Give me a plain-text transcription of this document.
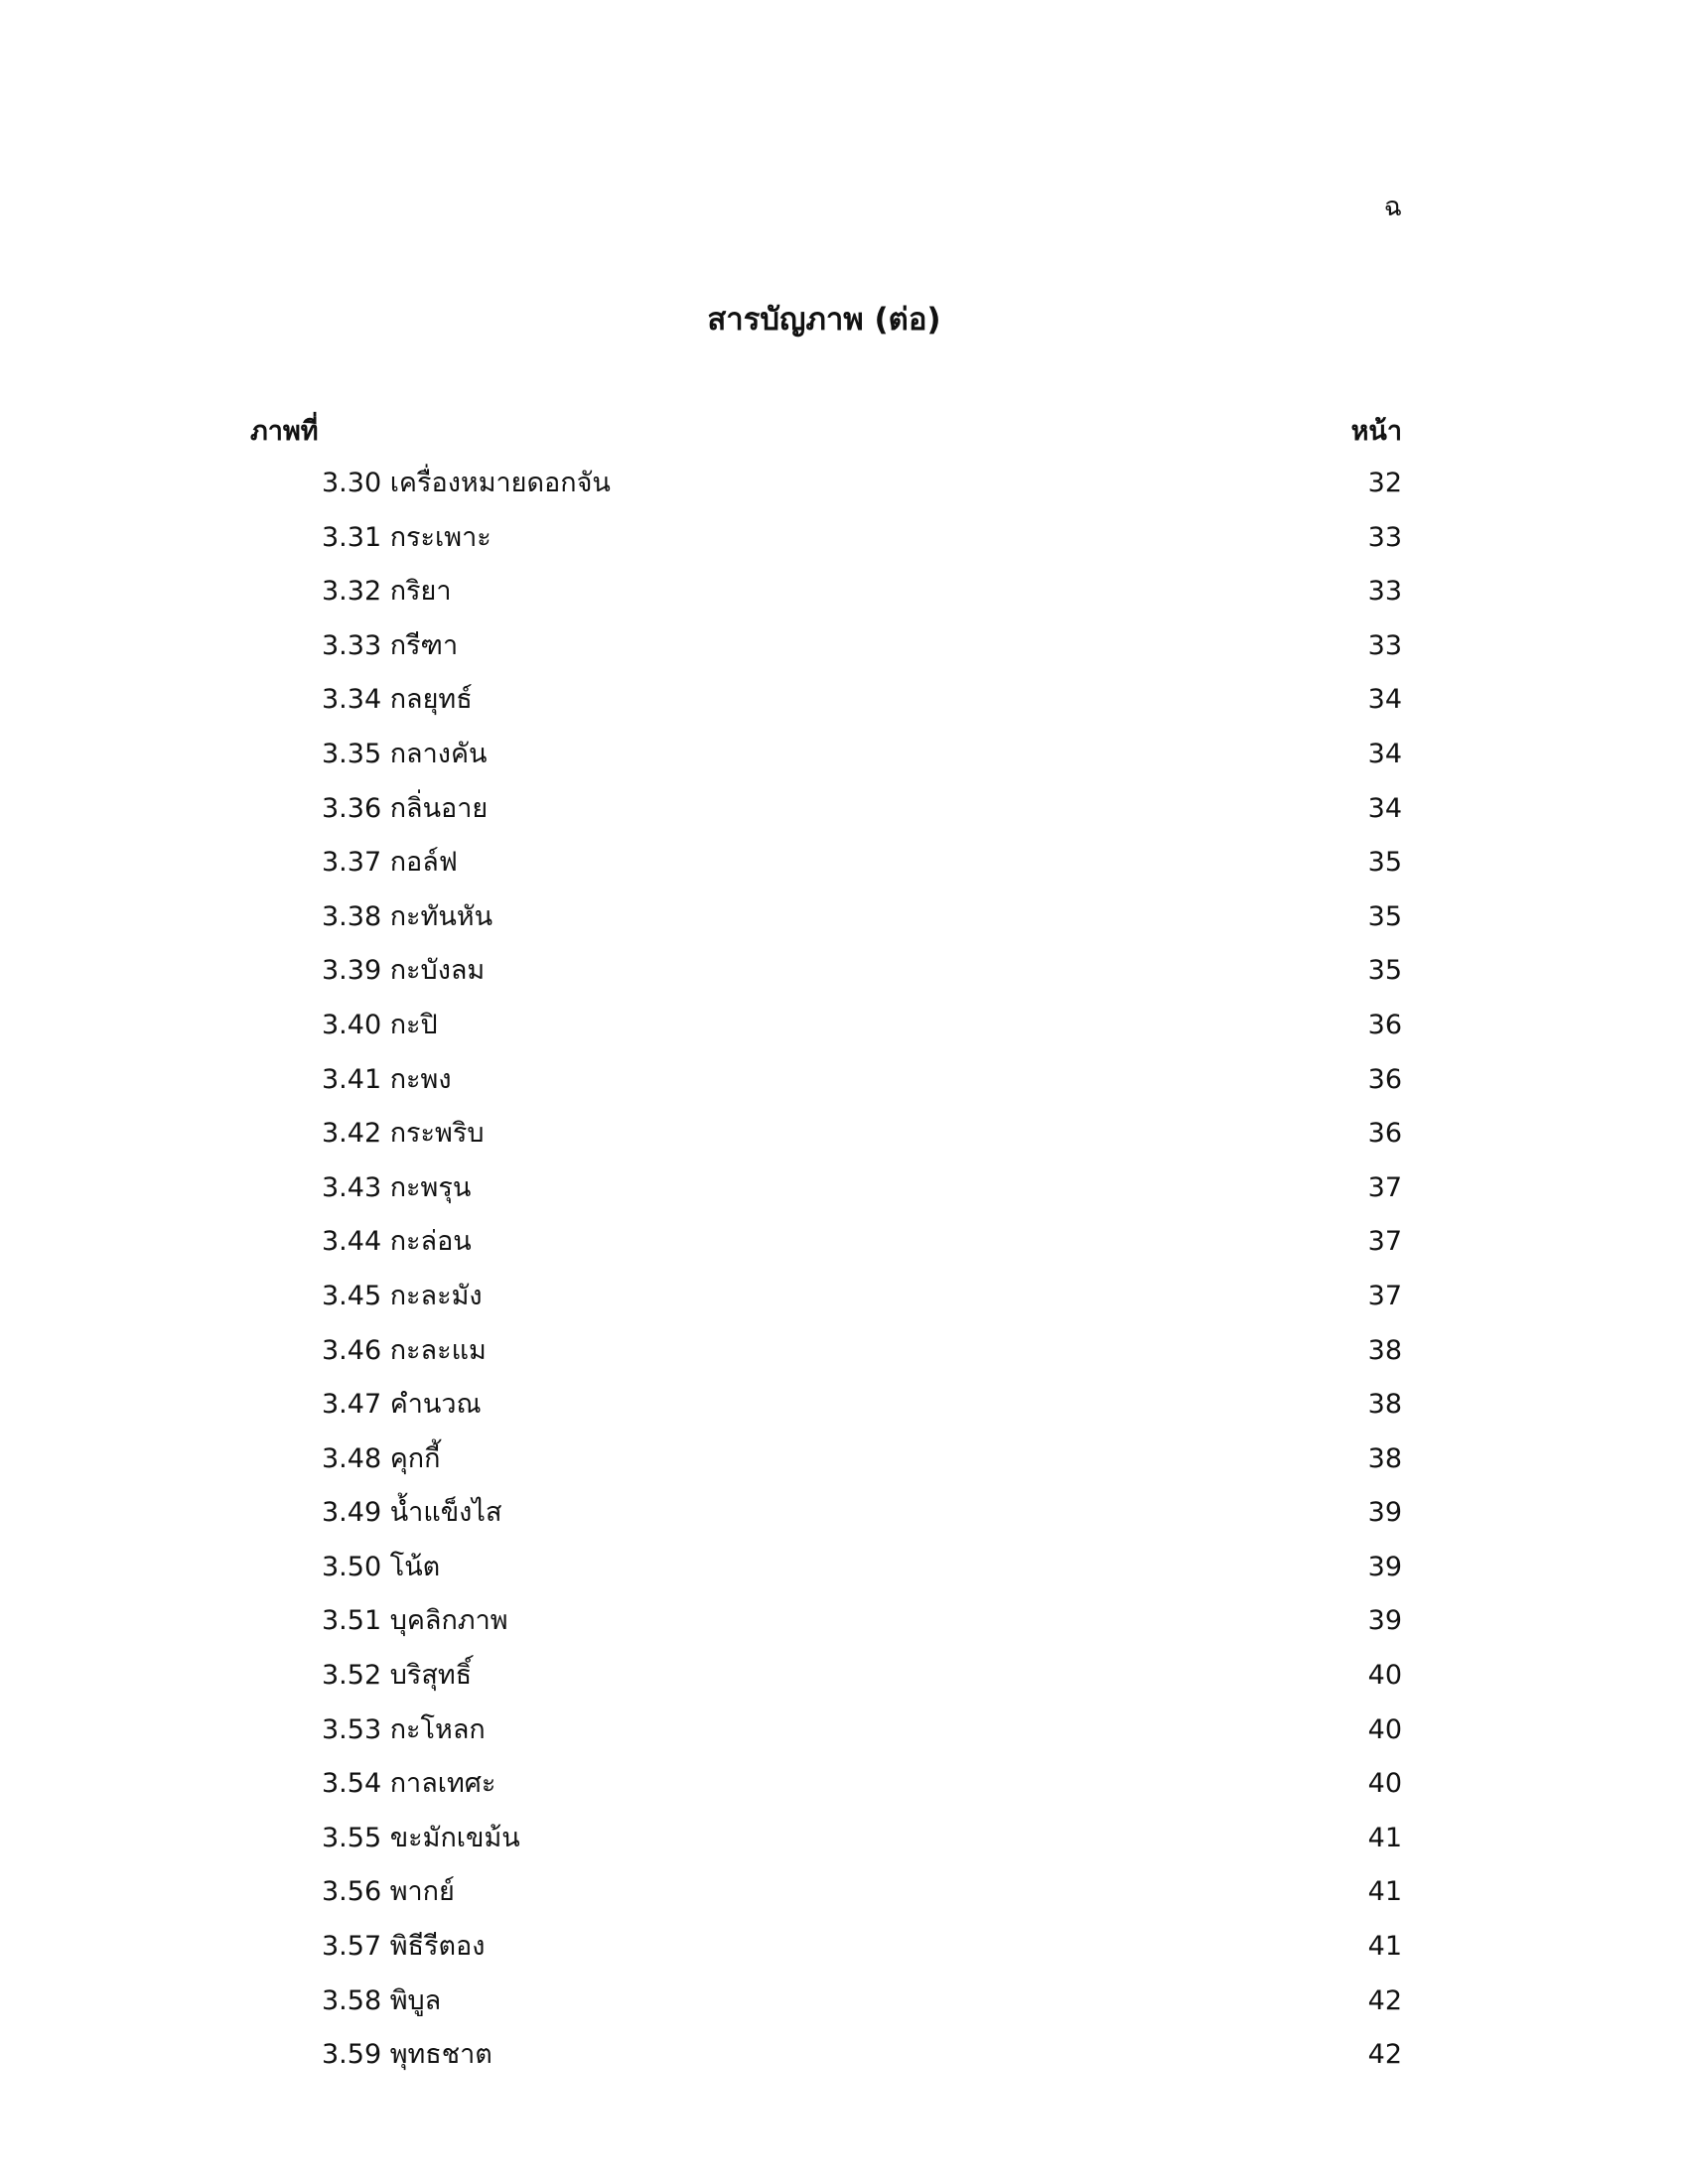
ฉ
สารบัญภาพ (ต่อ)
ภาพที่	หน้า
3.30 เครื่องหมายดอกจัน	32
3.31 กระเพาะ	33
3.32 กริยา	33
3.33 กรีฑา	33
3.34 กลยุทธ์	34
3.35 กลางคัน	34
3.36 กลิ่นอาย	34
3.37 กอล์ฟ	35
3.38 กะทันหัน	35
3.39 กะบังลม	35
3.40 กะปิ	36
3.41 กะพง	36
3.42 กระพริบ	36
3.43 กะพรุน	37
3.44 กะล่อน	37
3.45 กะละมัง	37
3.46 กะละแม	38
3.47 คำนวณ	38
3.48 คุกกี้	38
3.49 น้ำแข็งไส	39
3.50 โน้ต	39
3.51 บุคลิกภาพ	39
3.52 บริสุทธิ์	40
3.53 กะโหลก	40
3.54 กาลเทศะ	40
3.55 ขะมักเขม้น	41
3.56 พากย์	41
3.57 พิธีรีตอง	41
3.58 พิบูล	42
3.59 พุทธชาต	42
